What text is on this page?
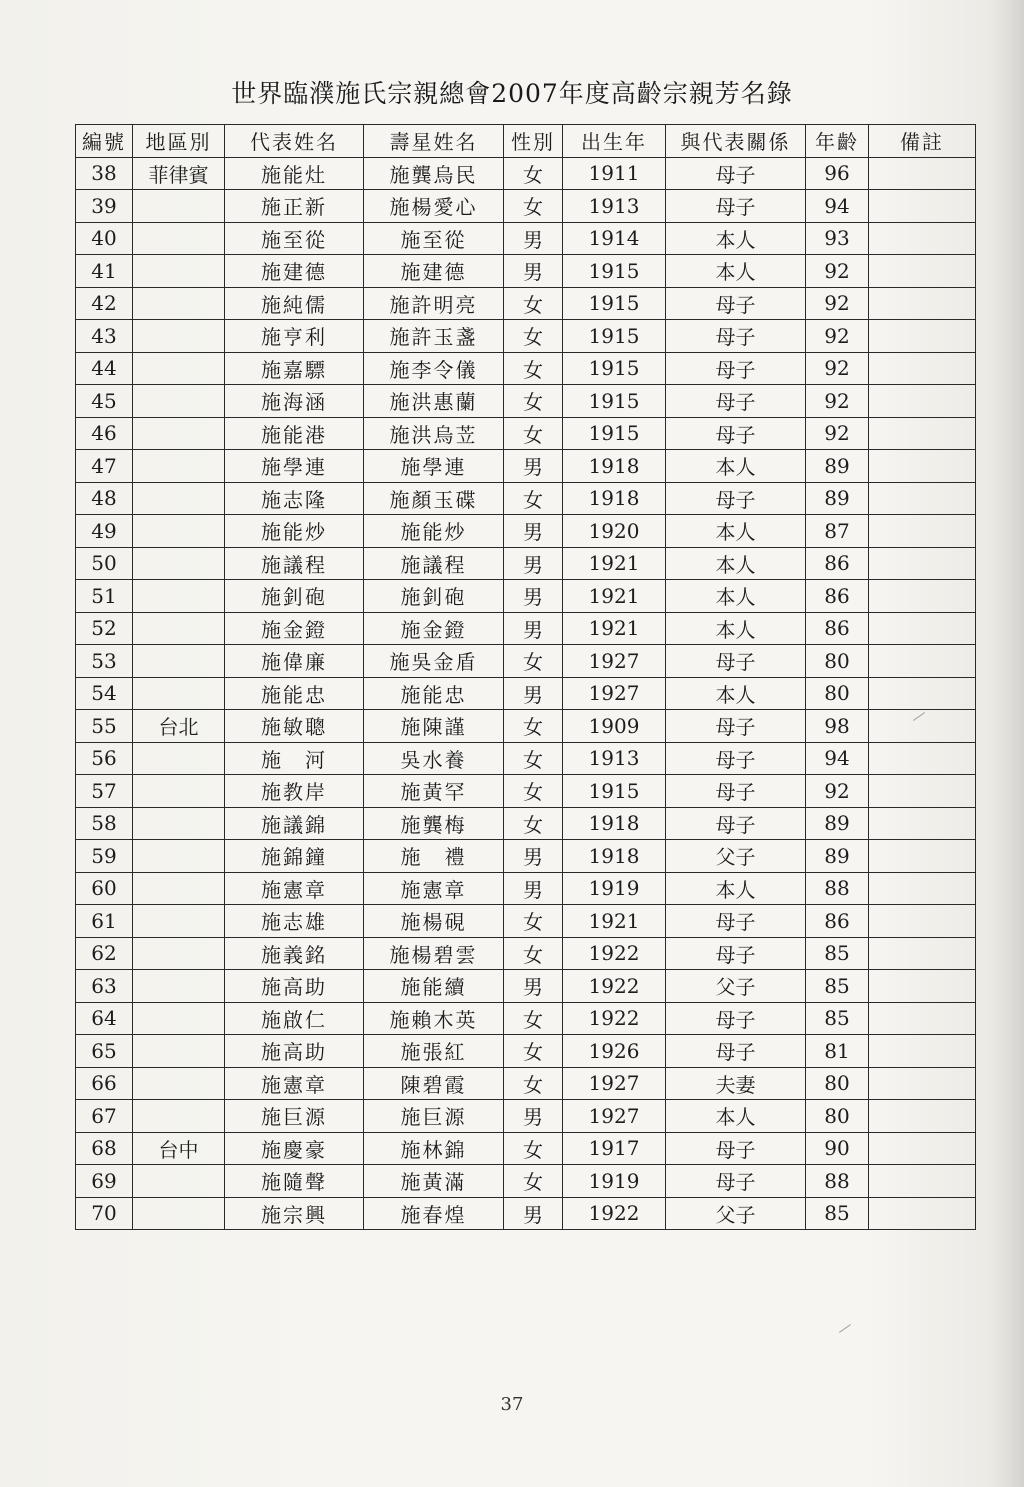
世界臨濮施氏宗親總會2007年度高齡宗親芳名錄
編號	地區別	代表姓名	壽星姓名	性別	出生年	與代表關係	年齡	備註
38	菲律賓	施能灶	施龔烏民	女	1911	母子	96	
39		施正新	施楊愛心	女	1913	母子	94	
40		施至從	施至從	男	1914	本人	93	
41		施建德	施建德	男	1915	本人	92	
42		施純儒	施許明亮	女	1915	母子	92	
43		施亨利	施許玉盞	女	1915	母子	92	
44		施嘉驃	施李令儀	女	1915	母子	92	
45		施海涵	施洪惠蘭	女	1915	母子	92	
46		施能港	施洪烏苙	女	1915	母子	92	
47		施學連	施學連	男	1918	本人	89	
48		施志隆	施顏玉碟	女	1918	母子	89	
49		施能炒	施能炒	男	1920	本人	87	
50		施議程	施議程	男	1921	本人	86	
51		施釗砲	施釗砲	男	1921	本人	86	
52		施金鐙	施金鐙	男	1921	本人	86	
53		施偉廉	施吳金盾	女	1927	母子	80	
54		施能忠	施能忠	男	1927	本人	80	
55	台北	施敏聰	施陳謹	女	1909	母子	98	
56		施　河	吳水養	女	1913	母子	94	
57		施教岸	施黃罕	女	1915	母子	92	
58		施議錦	施龔梅	女	1918	母子	89	
59		施錦鐘	施　禮	男	1918	父子	89	
60		施憲章	施憲章	男	1919	本人	88	
61		施志雄	施楊硯	女	1921	母子	86	
62		施義銘	施楊碧雲	女	1922	母子	85	
63		施高助	施能續	男	1922	父子	85	
64		施啟仁	施賴木英	女	1922	母子	85	
65		施高助	施張紅	女	1926	母子	81	
66		施憲章	陳碧霞	女	1927	夫妻	80	
67		施巨源	施巨源	男	1927	本人	80	
68	台中	施慶豪	施林錦	女	1917	母子	90	
69		施隨聲	施黃滿	女	1919	母子	88	
70		施宗興	施春煌	男	1922	父子	85	
37
